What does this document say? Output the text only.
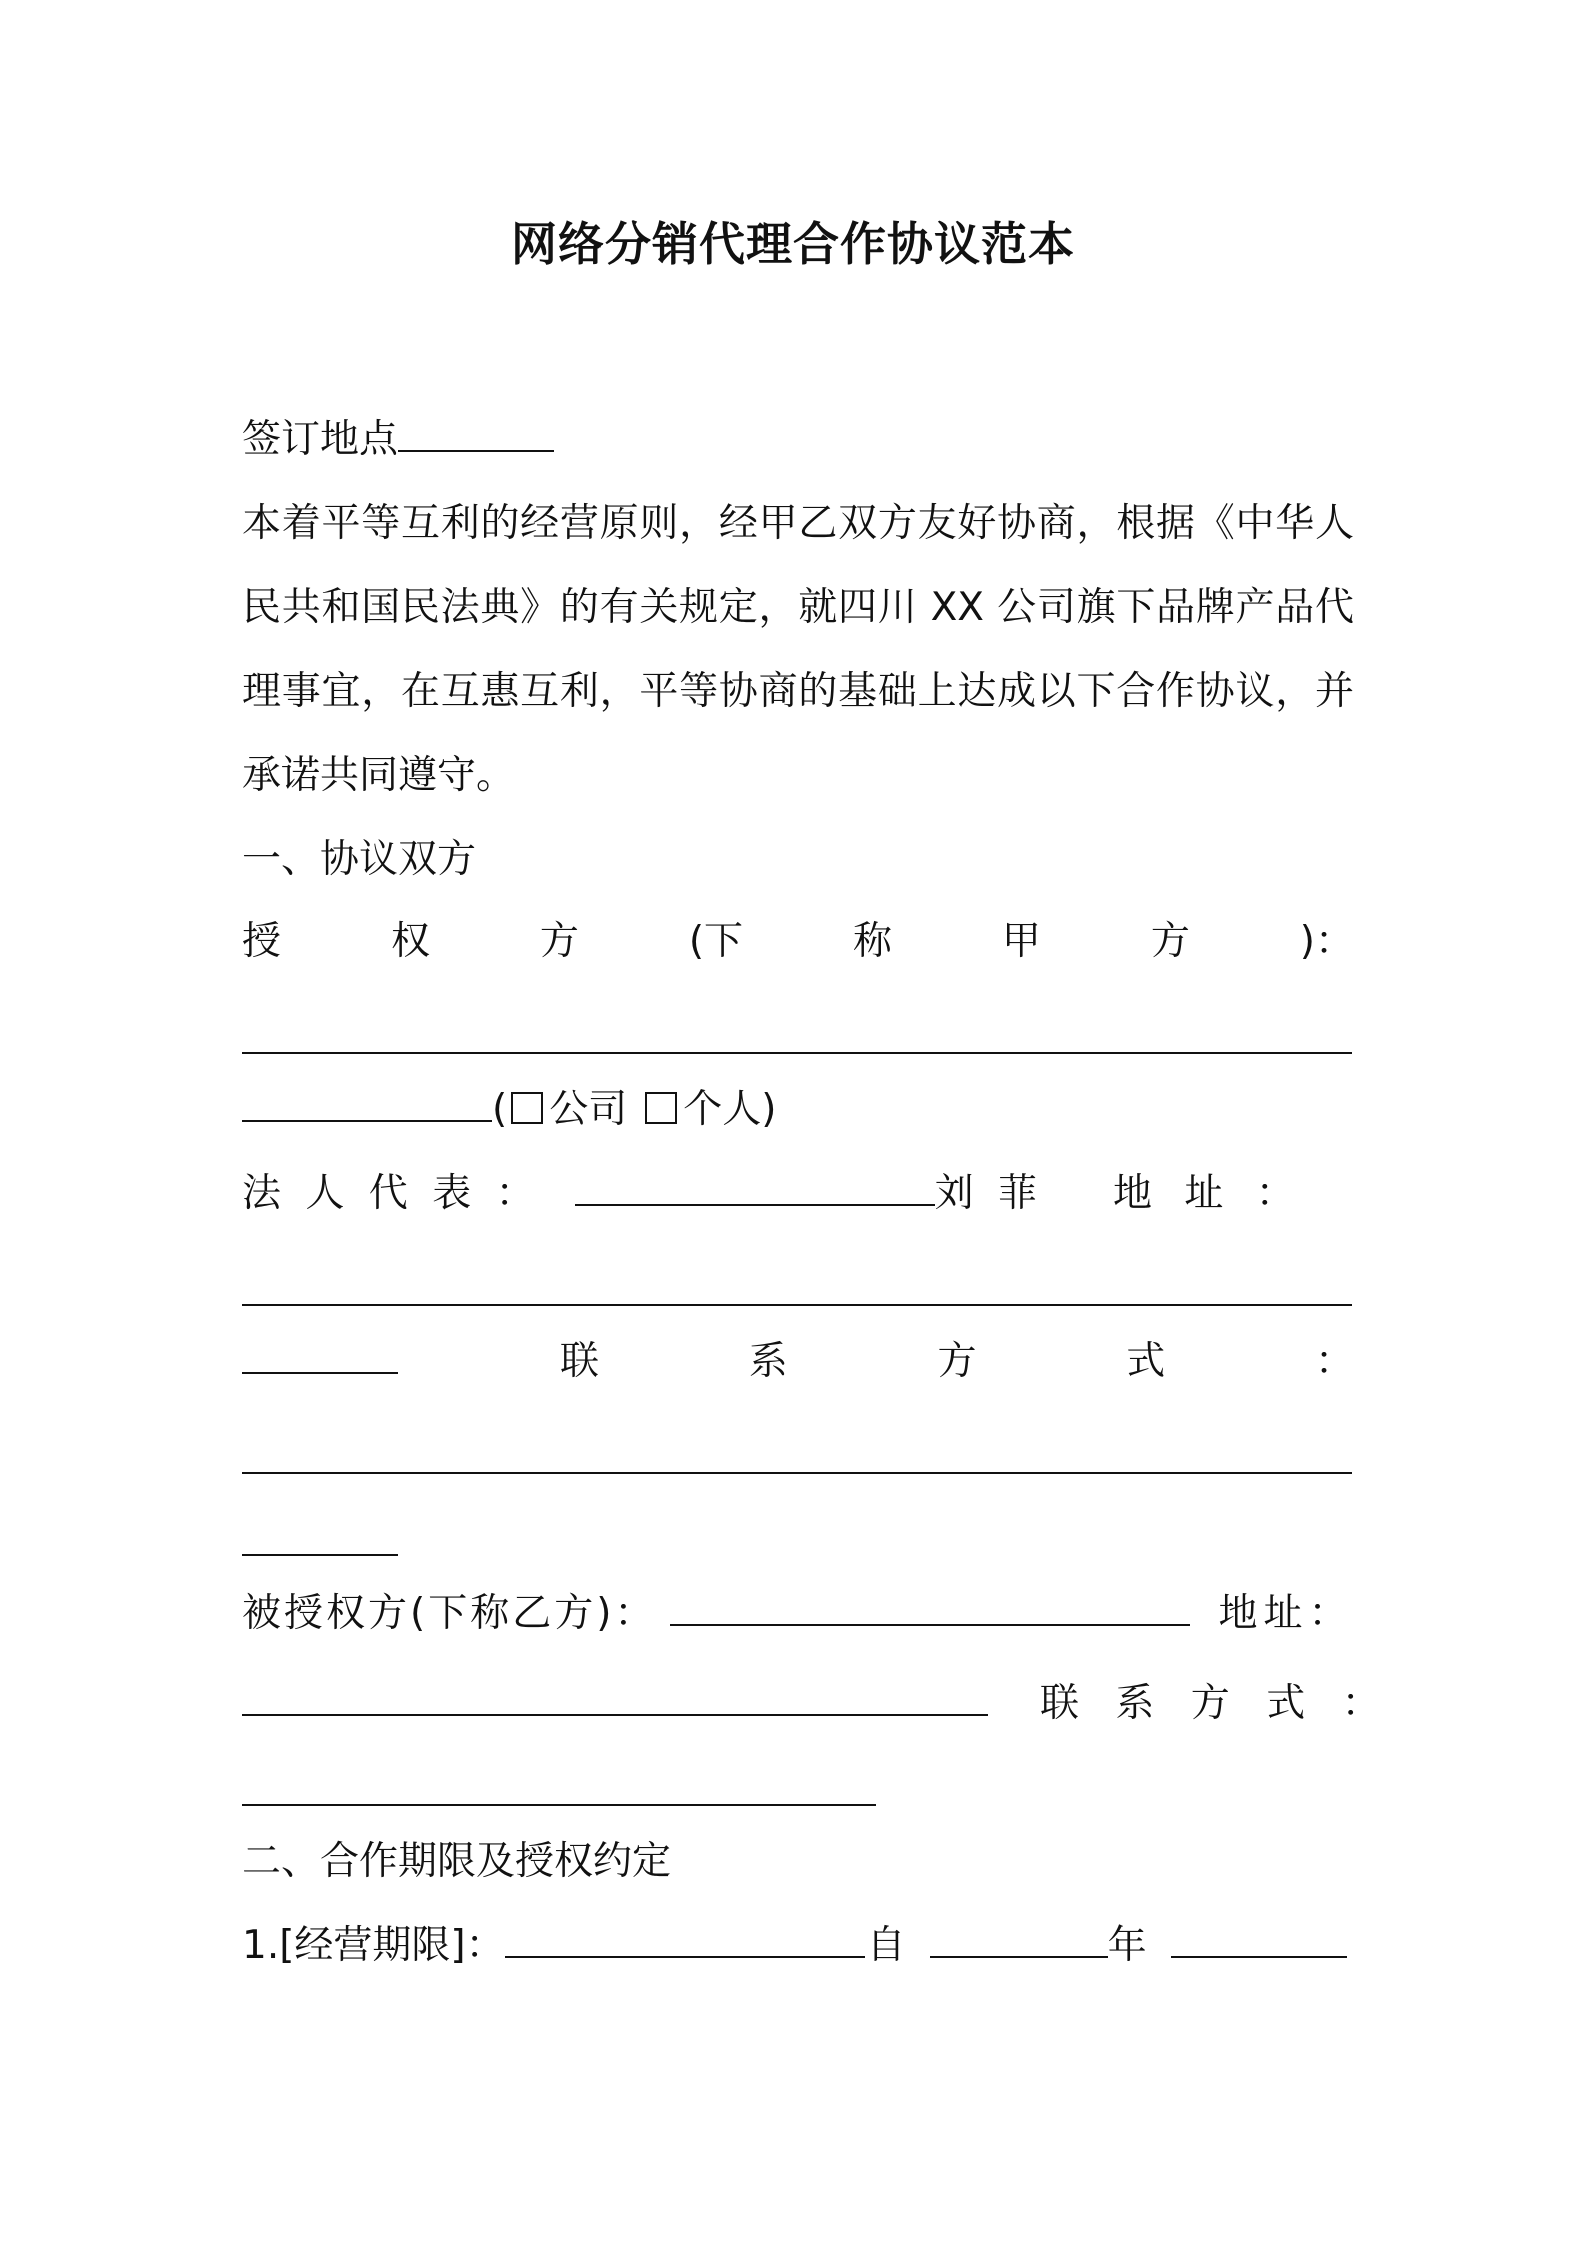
网络分销代理合作协议范本
签订地点
本着平等互利的经营原则，经甲乙双方友好协商，根据《中华人
民共和国民法典》的有关规定，就四川 XX 公司旗下品牌产品代
理事宜，在互惠互利，平等协商的基础上达成以下合作协议，并
承诺共同遵守。
一、协议双方
授	权	方	(下	称	甲	方	)：
( 公司 个人)
法 人 代 表 ：	刘 菲 地 址 ：
联	系	方	式	：
被授权方(下称乙方)：	地址：
联 系 方 式 ：
二、合作期限及授权约定
1.[经营期限]：	自	年
